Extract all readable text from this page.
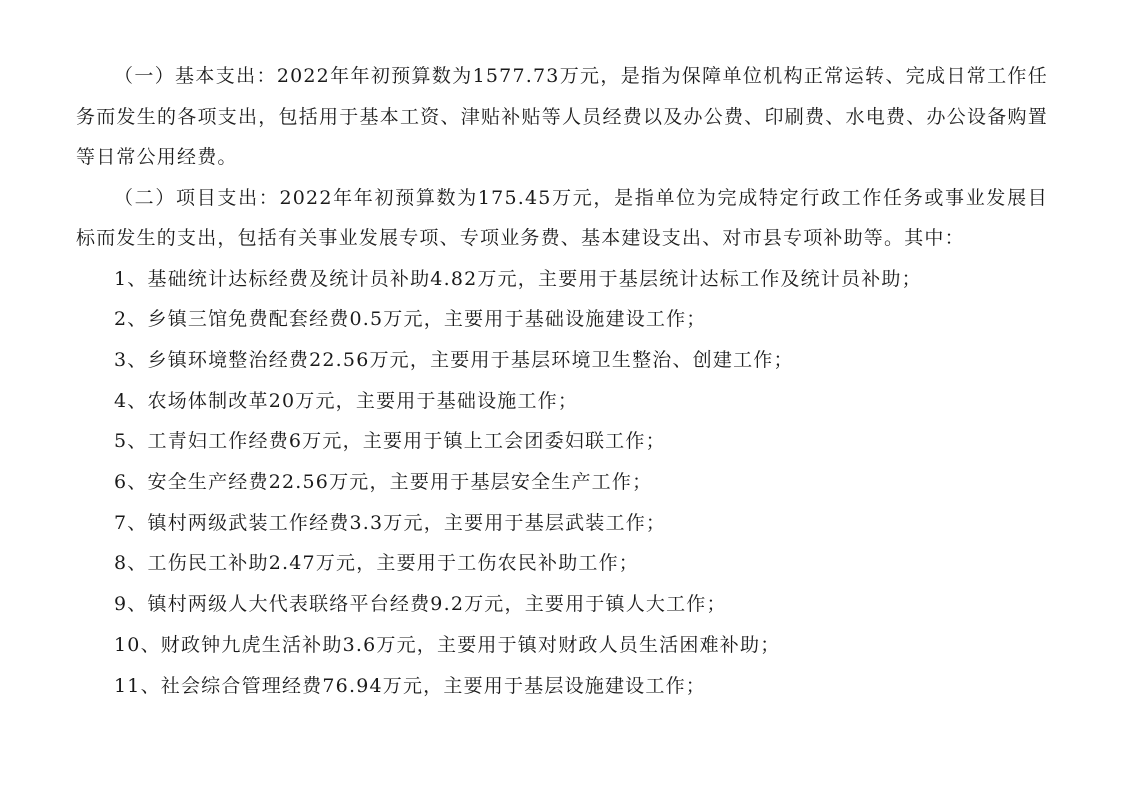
（一）基本支出：2022年年初预算数为1577.73万元，是指为保障单位机构正常运转、完成日常工作任务而发生的各项支出，包括用于基本工资、津贴补贴等人员经费以及办公费、印刷费、水电费、办公设备购置等日常公用经费。

（二）项目支出：2022年年初预算数为175.45万元，是指单位为完成特定行政工作任务或事业发展目标而发生的支出，包括有关事业发展专项、专项业务费、基本建设支出、对市县专项补助等。其中：

1、基础统计达标经费及统计员补助4.82万元，主要用于基层统计达标工作及统计员补助；

2、乡镇三馆免费配套经费0.5万元，主要用于基础设施建设工作；

3、乡镇环境整治经费22.56万元，主要用于基层环境卫生整治、创建工作；

4、农场体制改革20万元，主要用于基础设施工作；

5、工青妇工作经费6万元，主要用于镇上工会团委妇联工作；

6、安全生产经费22.56万元，主要用于基层安全生产工作；

7、镇村两级武装工作经费3.3万元，主要用于基层武装工作；

8、工伤民工补助2.47万元，主要用于工伤农民补助工作；

9、镇村两级人大代表联络平台经费9.2万元，主要用于镇人大工作；

10、财政钟九虎生活补助3.6万元，主要用于镇对财政人员生活困难补助；

11、社会综合管理经费76.94万元，主要用于基层设施建设工作；
